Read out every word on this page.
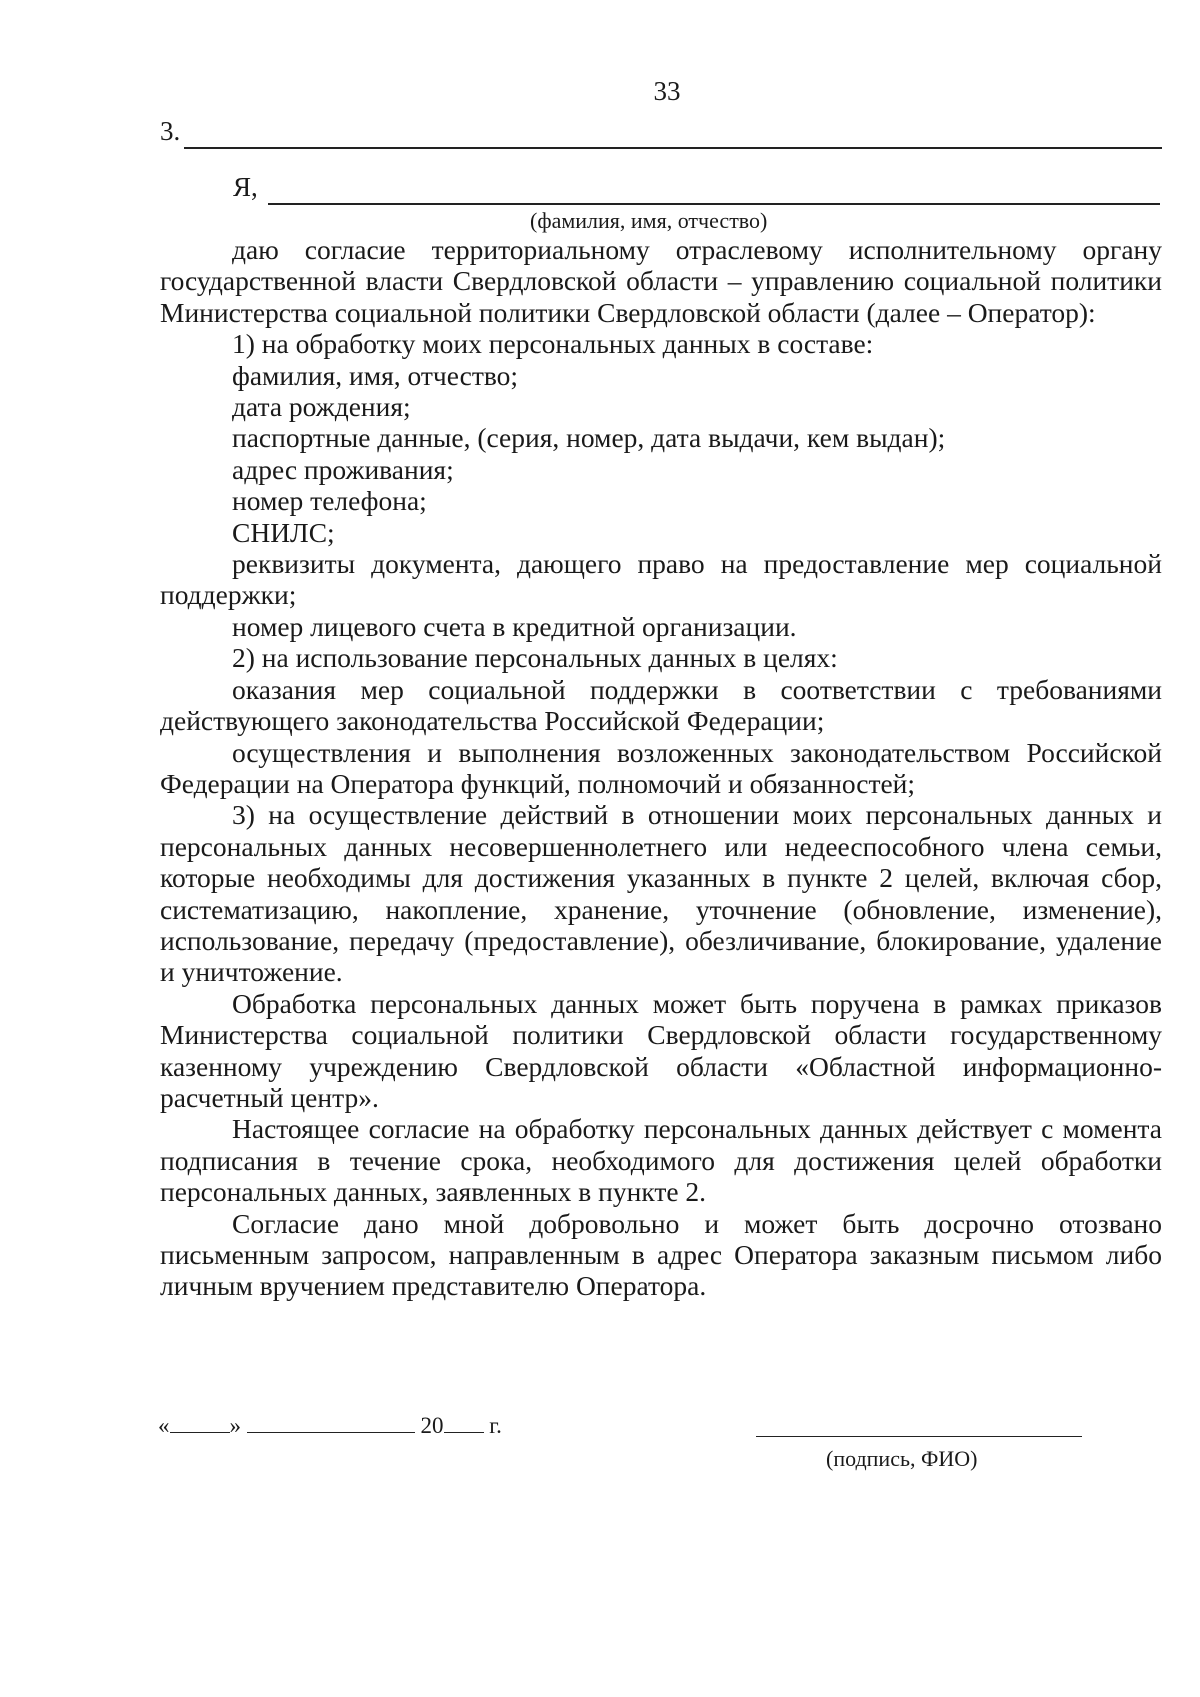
33
3.
Я,
(фамилия, имя, отчество)

даю согласие территориальному отраслевому исполнительному органу государственной власти Свердловской области – управлению социальной политики Министерства социальной политики Свердловской области (далее – Оператор):

1) на обработку моих персональных данных в составе:

фамилия, имя, отчество;

дата рождения;

паспортные данные, (серия, номер, дата выдачи, кем выдан);

адрес проживания;

номер телефона;

СНИЛС;

реквизиты документа, дающего право на предоставление мер социальной поддержки;

номер лицевого счета в кредитной организации.

2) на использование персональных данных в целях:

оказания мер социальной поддержки в соответствии с требованиями действующего законодательства Российской Федерации;

осуществления и выполнения возложенных законодательством Российской Федерации на Оператора функций, полномочий и обязанностей;

3) на осуществление действий в отношении моих персональных данных и персональных данных несовершеннолетнего или недееспособного члена семьи, которые необходимы для достижения указанных в пункте 2 целей, включая сбор, систематизацию, накопление, хранение, уточнение (обновление, изменение), использование, передачу (предоставление), обезличивание, блокирование, удаление и уничтожение.

Обработка персональных данных может быть поручена в рамках приказов Министерства социальной политики Свердловской области государственному казенному учреждению Свердловской области «Областной информационно-расчетный центр».

Настоящее согласие на обработку персональных данных действует с момента подписания в течение срока, необходимого для достижения целей обработки персональных данных, заявленных в пункте 2.

Согласие дано мной добровольно и может быть досрочно отозвано письменным запросом, направленным в адрес Оператора заказным письмом либо личным вручением представителю Оператора.

«	»	20 г.
(подпись, ФИО)
